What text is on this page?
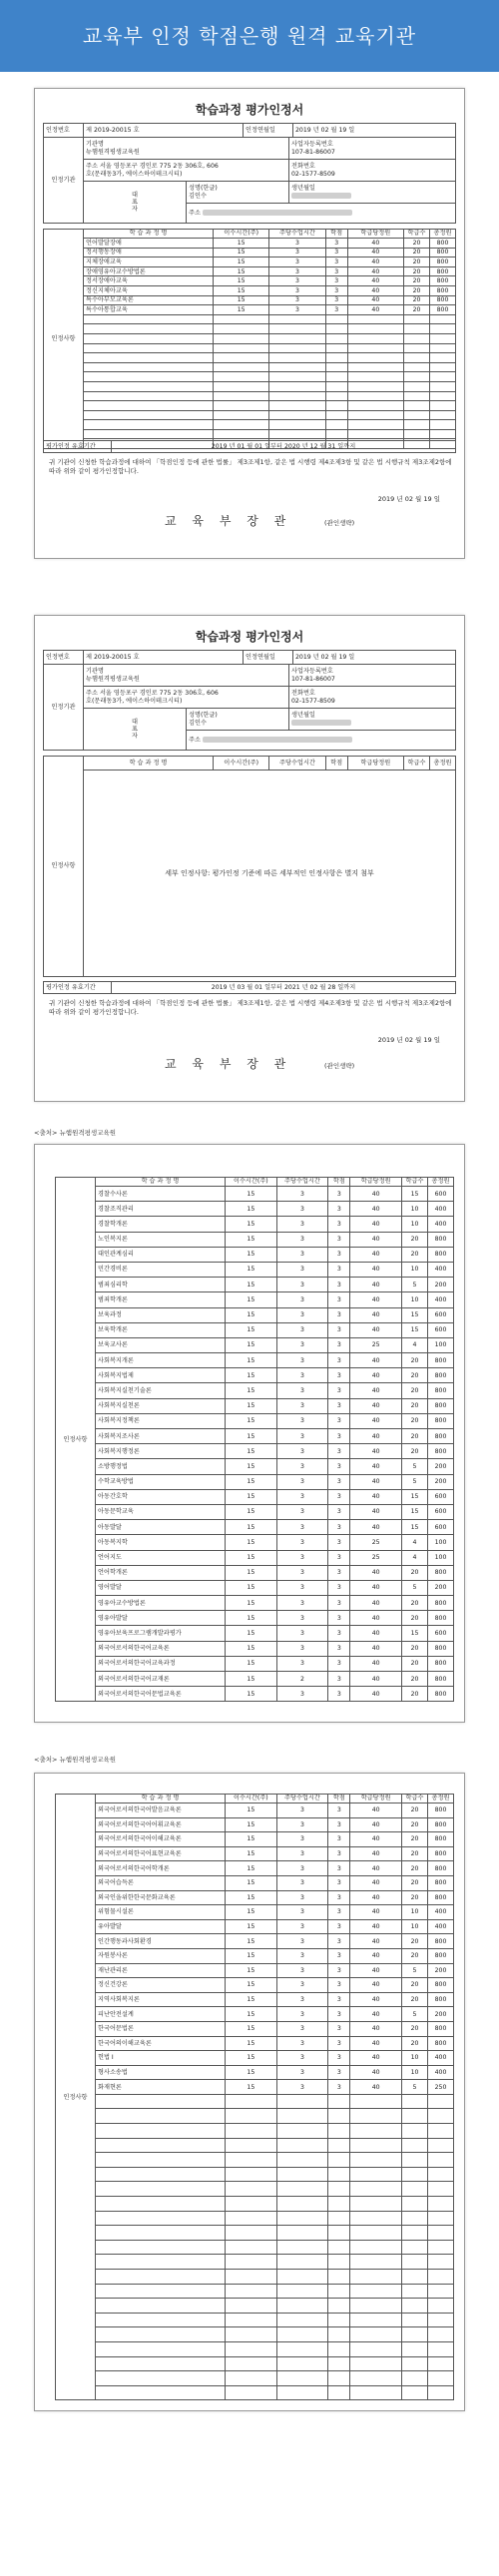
교육부 인정 학점은행 원격 교육기관
학습과정 평가인정서
인정번호	제 2019-20015 호	인정연월일	2019 년 02 월 19 일
인정기관	기관명
뉴햄원격평생교육원		사업자등록번호
107-81-86007
	주소 서울 영등포구 경인로 775 2동 306호, 606
호(문래동3가, 에이스하이테크시티)		전화번호
02-1577-8509
	대
표
자	성명(한글)
김인수	생년월일

		주소	
인정사항	학 습 과 정 명	이수시간(주)	주당수업시간	학점	학급당정원	학급수	총정원
	언어발달장애	15	3	3	40	20	800
	정서행동장애	15	3	3	40	20	800
	지체장애교육	15	3	3	40	20	800
	장애영유아교수방법론	15	3	3	40	20	800
	정서장애아교육	15	3	3	40	20	800
	정신지체아교육	15	3	3	40	20	800
	특수아부모교육론	15	3	3	40	20	800
	특수아통합교육	15	3	3	40	20	800

평가인정 유효기간	2019 년 01 월 01 일부터 2020 년 12 월 31 일까지
귀 기관이 신청한 학습과정에 대하여 「학점인정 등에 관한 법률」 제3조제1항, 같은 법 시행령 제4조제3항 및 같은 법 시행규칙 제3조제2항에 따라 위와 같이 평가인정합니다.
2019 년 02 월 19 일
교 육 부 장 관	(관인생략)
학습과정 평가인정서
인정번호	제 2019-20015 호	인정연월일	2019 년 02 월 19 일
인정기관	기관명
뉴햄원격평생교육원		사업자등록번호
107-81-86007
	주소 서울 영등포구 경인로 775 2동 306호, 606
호(문래동3가, 에이스하이테크시티)		전화번호
02-1577-8509
	대
표
자	성명(한글)
김인수	생년월일

		주소	
인정사항	학 습 과 정 명	이수시간(주)	주당수업시간	학점	학급당정원	학급수	총정원
세부 인정사항: 평가인정 기준에 따른 세부적인 인정사항은 별지 첨부
평가인정 유효기간	2019 년 03 월 01 일부터 2021 년 02 월 28 일까지
귀 기관이 신청한 학습과정에 대하여 「학점인정 등에 관한 법률」 제3조제1항, 같은 법 시행령 제4조제3항 및 같은 법 시행규칙 제3조제2항에 따라 위와 같이 평가인정합니다.
2019 년 02 월 19 일
교 육 부 장 관	(관인생략)
<출처> 뉴햄원격평생교육원
인정사항	학 습 과 정 명	이수시간(주)	주당수업시간	학점	학급당정원	학급수	총정원
	경찰수사론	15	3	3	40	15	600
	경찰조직관리	15	3	3	40	10	400
	경찰학개론	15	3	3	40	10	400
	노인복지론	15	3	3	40	20	800
	대인관계심리	15	3	3	40	20	800
	민간경비론	15	3	3	40	10	400
	범죄심리학	15	3	3	40	5	200
	범죄학개론	15	3	3	40	10	400
	보육과정	15	3	3	40	15	600
	보육학개론	15	3	3	40	15	600
	보육교사론	15	3	3	25	4	100
	사회복지개론	15	3	3	40	20	800
	사회복지법제	15	3	3	40	20	800
	사회복지실천기술론	15	3	3	40	20	800
	사회복지실천론	15	3	3	40	20	800
	사회복지정책론	15	3	3	40	20	800
	사회복지조사론	15	3	3	40	20	800
	사회복지행정론	15	3	3	40	20	800
	소방행정법	15	3	3	40	5	200
	수학교육방법	15	3	3	40	5	200
	아동간호학	15	3	3	40	15	600
	아동문학교육	15	3	3	40	15	600
	아동발달	15	3	3	40	15	600
	아동복지학	15	3	3	25	4	100
	언어지도	15	3	3	25	4	100
	언어학개론	15	3	3	40	20	800
	영어발달	15	3	3	40	5	200
	영유아교수방법론	15	3	3	40	20	800
	영유아발달	15	3	3	40	20	800
	영유아보육프로그램개발과평가	15	3	3	40	15	600
	외국어로서의한국어교육론	15	3	3	40	20	800
	외국어로서의한국어교육과정	15	3	3	40	20	800
	외국어로서의한국어교재론	15	2	3	40	20	800
	외국어로서의한국어문법교육론	15	3	3	40	20	800
<출처> 뉴햄원격평생교육원
인정사항	학 습 과 정 명	이수시간(주)	주당수업시간	학점	학급당정원	학급수	총정원
	외국어로서의한국어발음교육론	15	3	3	40	20	800
	외국어로서의한국어어휘교육론	15	3	3	40	20	800
	외국어로서의한국어이해교육론	15	3	3	40	20	800
	외국어로서의한국어표현교육론	15	3	3	40	20	800
	외국어로서의한국어학개론	15	3	3	40	20	800
	외국어습득론	15	3	3	40	20	800
	외국인을위한한국문화교육론	15	3	3	40	20	800
	위험물시설론	15	3	3	40	10	400
	유아발달	15	3	3	40	10	400
	인간행동과사회환경	15	3	3	40	20	800
	자원봉사론	15	3	3	40	20	800
	재난관리론	15	3	3	40	5	200
	정신건강론	15	3	3	40	20	800
	지역사회복지론	15	3	3	40	20	800
	피난안전설계	15	3	3	40	5	200
	한국어문법론	15	3	3	40	20	800
	한국어의이해교육론	15	3	3	40	20	800
	헌법 I	15	3	3	40	10	400
	형사소송법	15	3	3	40	10	400
	화재현론	15	3	3	40	5	250
